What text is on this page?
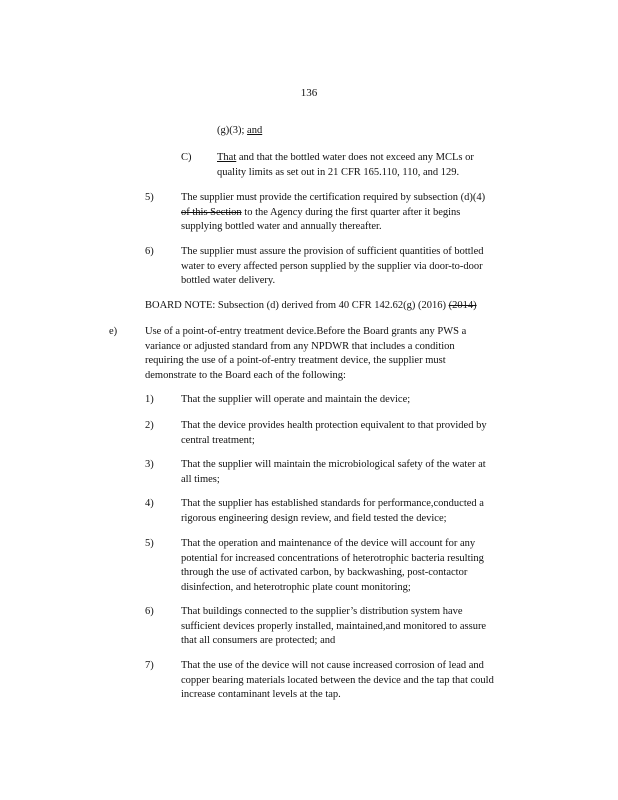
136
(g)(3); and
C) That and that the bottled water does not exceed any MCLs or
quality limits as set out in 21 CFR 165.110, 110, and 129.
5)	The supplier must provide the certification required by subsection (d)(4)
of this Section to the Agency during the first quarter after it begins
supplying bottled water and annually thereafter.
6)	The supplier must assure the provision of sufficient quantities of bottled
water to every affected person supplied by the supplier via door-to-door
bottled water delivery.
BOARD NOTE: Subsection (d) derived from 40 CFR 142.62(g) (2016) (2014)
e)	Use of a point-of-entry treatment device.Before the Board grants any PWS a
variance or adjusted standard from any NPDWR that includes a condition
requiring the use of a point-of-entry treatment device, the supplier must
demonstrate to the Board each of the following:
1)	That the supplier will operate and maintain the device;
2)	That the device provides health protection equivalent to that provided by
central treatment;
3)	That the supplier will maintain the microbiological safety of the water at
all times;
4)	That the supplier has established standards for performance,conducted a
rigorous engineering design review, and field tested the device;
5)	That the operation and maintenance of the device will account for any
potential for increased concentrations of heterotrophic bacteria resulting
through the use of activated carbon, by backwashing, post-contactor
disinfection, and heterotrophic plate count monitoring;
6)	That buildings connected to the supplier’s distribution system have
sufficient devices properly installed, maintained,and monitored to assure
that all consumers are protected; and
7)	That the use of the device will not cause increased corrosion of lead and
copper bearing materials located between the device and the tap that could
increase contaminant levels at the tap.
